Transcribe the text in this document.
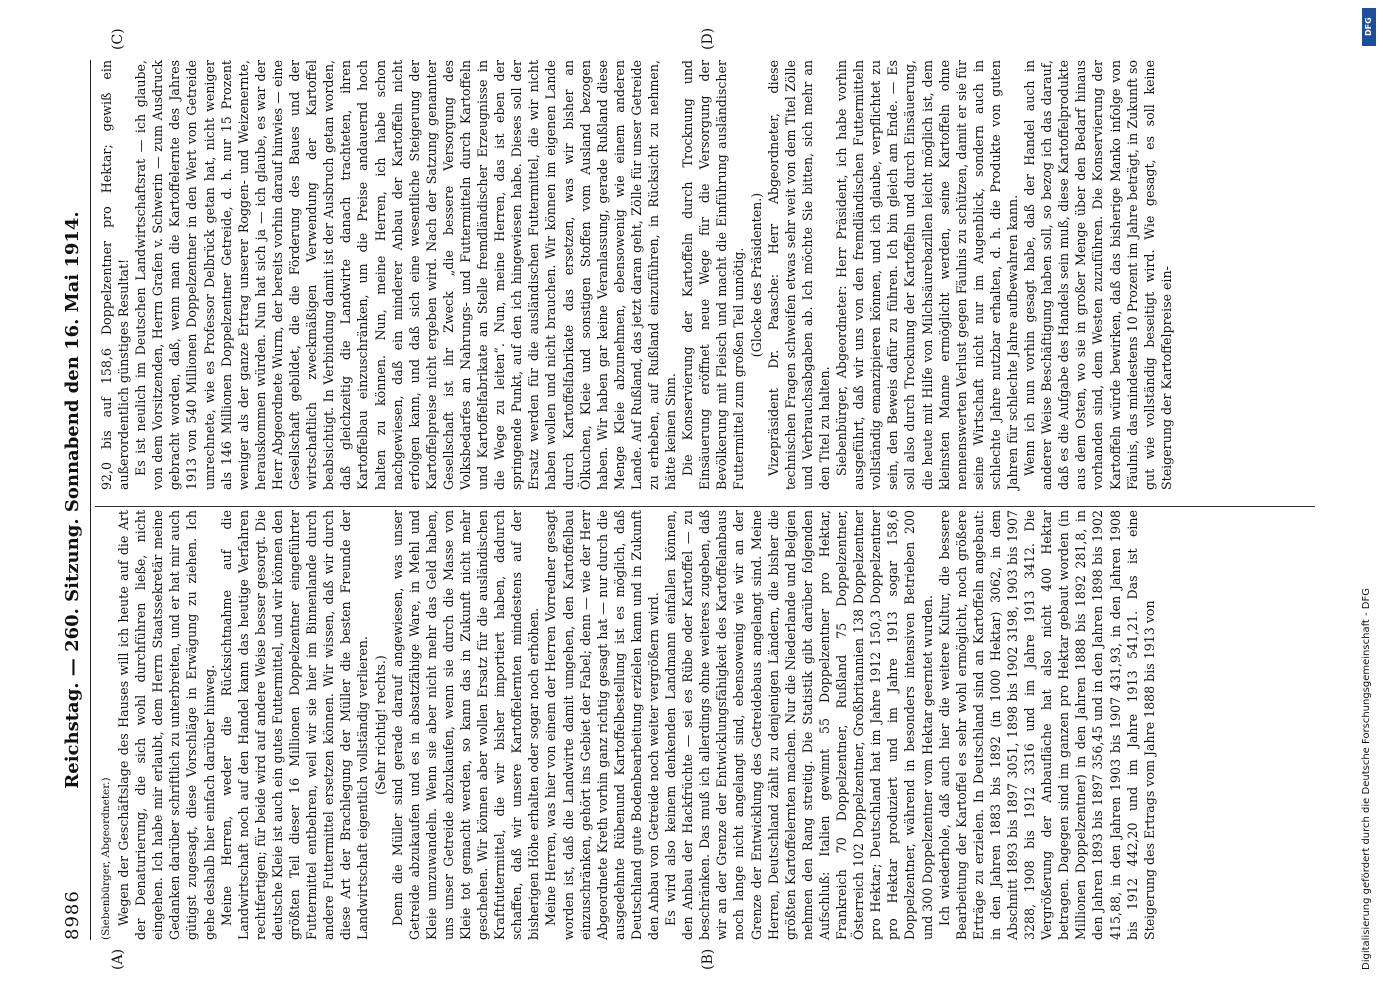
8986
Reichstag. — 260. Sitzung. Sonnabend den 16. Mai 1914.
(A)	(B)
(C)	(D)

(Siebenbürger, Abgeordneter.) Wegen der Geschäftslage des Hauses will ich heute auf die Art der Denaturierung, die sich wohl durchführen ließe, nicht eingehen. Ich habe mir erlaubt, dem Herrn Staatssekretär meine Gedanken darüber schriftlich zu unterbreiten, und er hat mir auch gütigst zugesagt, diese Vorschläge in Erwägung zu ziehen. Ich gehe deshalb hier einfach darüber hinweg. Meine Herren, weder die Rücksichtnahme auf die Landwirtschaft noch auf den Handel kann das heutige Verfahren rechtfertigen; für beide wird auf andere Weise besser gesorgt. Die deutsche Kleie ist auch ein gutes Futtermittel, und wir können den größten Teil dieser 16 Millionen Doppelzentner eingeführter Futtermittel entbehren, weil wir sie hier im Binnenlande durch andere Futtermittel ersetzen können. Wir wissen, daß wir durch diese Art der Brachlegung der Müller die besten Freunde der Landwirtschaft eigentlich vollständig verlieren. (Sehr richtig! rechts.) Denn die Müller sind gerade darauf angewiesen, was unser Getreide abzukaufen und es in absatzfähige Ware, in Mehl und Kleie umzuwandeln. Wenn sie aber nicht mehr das Geld haben, uns unser Getreide abzukaufen, wenn sie durch die Masse von Kleie tot gemacht werden, so kann das in Zukunft nicht mehr geschehen. Wir können aber wollen Ersatz für die ausländischen Kraftfuttermittel, die wir bisher importiert haben, dadurch schaffen, daß wir unsere Kartoffelernten mindestens auf der bisherigen Höhe erhalten oder sogar noch erhöhen. Meine Herren, was hier von einem der Herren Vorredner gesagt worden ist, daß die Landwirte damit umgehen, den Kartoffelbau einzuschränken, gehört ins Gebiet der Fabel; denn — wie der Herr Abgeordnete Kreth vorhin ganz richtig gesagt hat — nur durch die ausgedehnte Rübenund Kartoffelbestellung ist es möglich, daß Deutschland gute Bodenbearbeitung erzielen kann und in Zukunft den Anbau von Getreide noch weiter vergrößern wird. Es wird also keinem denkenden Landmann einfallen können, den Anbau der Hackfrüchte — sei es Rübe oder Kartoffel — zu beschränken. Das muß ich allerdings ohne weiteres zugeben, daß wir an der Grenze der Entwicklungsfähigkeit des Kartoffelanbaus noch lange nicht angelangt sind, ebensowenig wie wir an der Grenze der Entwicklung des Getreidebaus angelangt sind. Meine Herren, Deutschland zählt zu denjenigen Ländern, die bisher die größten Kartoffelernten machen. Nur die Niederlande und Belgien nehmen den Rang streitig. Die Statistik gibt darüber folgenden Aufschluß: Italien gewinnt 55 Doppelzentner pro Hektar, Frankreich 70 Doppelzentner, Rußland 75 Doppelzentner, Österreich 102 Doppelzentner, Großbritannien 138 Doppelzentner pro Hektar; Deutschland hat im Jahre 1912 150,3 Doppelzentner pro Hektar produziert und im Jahre 1913 sogar 158,6 Doppelzentner, während in besonders intensiven Betrieben 200 und 300 Doppelzentner vom Hektar geerntet wurden. Ich wiederhole, daß auch hier die weitere Kultur, die bessere Bearbeitung der Kartoffel es sehr wohl ermöglicht, noch größere Erträge zu erzielen. In Deutschland sind an Kartoffeln angebaut: in den Jahren 1883 bis 1892 (in 1000 Hektar) 3062, in dem Abschnitt 1893 bis 1897 3051, 1898 bis 1902 3198, 1903 bis 1907 3288, 1908 bis 1912 3316 und im Jahre 1913 3412. Die Vergrößerung der Anbaufläche hat also nicht 400 Hektar betragen. Dagegen sind im ganzen pro Hektar gebaut worden (in Millionen Doppelzentner) in den Jahren 1888 bis 1892 281,8, in den Jahren 1893 bis 1897 356,45 und in den Jahren 1898 bis 1902 415,88, in den Jahren 1903 bis 1907 431,93, in den Jahren 1908 bis 1912 442,20 und im Jahre 1913 541,21. Das ist eine Steigerung des Ertrags vom Jahre 1888 bis 1913 von

92,0 bis auf 158,6 Doppelzentner pro Hektar; gewiß ein außerordentlich günstiges Resultat! Es ist neulich im Deutschen Landwirtschaftsrat — ich glaube, von dem Vorsitzenden, Herrn Grafen v. Schwerin — zum Ausdruck gebracht worden, daß, wenn man die Kartoffelernte des Jahres 1913 von 540 Millionen Doppelzentner in den Wert von Getreide umrechnete, wie es Professor Delbrück getan hat, nicht weniger als 146 Millionen Doppelzentner Getreide, d. h. nur 15 Prozent weniger als der ganze Ertrag unserer Roggen- und Weizenernte, herauskommen würden. Nun hat sich ja — ich glaube, es war der Herr Abgeordnete Wurm, der bereits vorhin darauf hinwies — eine Gesellschaft gebildet, die die Förderung des Baues und der wirtschaftlich zweckmäßigen Verwendung der Kartoffel beabsichtigt. In Verbindung damit ist der Ausbruch getan worden, daß gleichzeitig die Landwirte danach trachteten, ihren Kartoffelbau einzuschränken, um die Preise andauernd hoch halten zu können. Nun, meine Herren, ich habe schon nachgewiesen, daß ein minderer Anbau der Kartoffeln nicht erfolgen kann, und daß sich eine wesentliche Steigerung der Kartoffelpreise nicht ergeben wird. Nach der Satzung genannter Gesellschaft ist ihr Zweck „die bessere Versorgung des Volksbedarfes an Nahrungs- und Futtermitteln durch Kartoffeln und Kartoffelfabrikate an Stelle fremdländischer Erzeugnisse in die Wege zu leiten“. Nun, meine Herren, das ist eben der springende Punkt, auf den ich hingewiesen habe. Dieses soll der Ersatz werden für die ausländischen Futtermittel, die wir nicht haben wollen und nicht brauchen. Wir können im eigenen Lande durch Kartoffelfabrikate das ersetzen, was wir bisher an Ölkuchen, Kleie und sonstigen Stoffen vom Ausland bezogen haben. Wir haben gar keine Veranlassung, gerade Rußland diese Menge Kleie abzunehmen, ebensowenig wie einem anderen Lande. Auf Rußland, das jetzt daran geht, Zölle für unser Getreide zu erheben, auf Rußland einzuführen, in Rücksicht zu nehmen, hätte keinen Sinn. Die Konservierung der Kartoffeln durch Trocknung und Einsäuerung eröffnet neue Wege für die Versorgung der Bevölkerung mit Fleisch und macht die Einführung ausländischer Futtermittel zum großen Teil unnötig. (Glocke des Präsidenten.) Vizepräsident Dr. Paasche: Herr Abgeordneter, diese technischen Fragen schweifen etwas sehr weit von dem Titel Zölle und Verbrauchsabgaben ab. Ich möchte Sie bitten, sich mehr an den Titel zu halten. Siebenbürger, Abgeordneter: Herr Präsident, ich habe vorhin ausgeführt, daß wir uns von den fremdländischen Futtermitteln vollständig emanzipieren können, und ich glaube, verpflichtet zu sein, den Beweis dafür zu führen. Ich bin gleich am Ende. — Es soll also durch Trocknung der Kartoffeln und durch Einsäuerung, die heute mit Hilfe von Milchsäurebazillen leicht möglich ist, dem kleinsten Manne ermöglicht werden, seine Kartoffeln ohne nennenswerten Verlust gegen Fäulnis zu schützen, damit er sie für seine Wirtschaft nicht nur im Augenblick, sondern auch in schlechte Jahre nutzbar erhalten, d. h. die Produkte von guten Jahren für schlechte Jahre aufbewahren kann. Wenn ich nun vorhin gesagt habe, daß der Handel auch in anderer Weise Beschäftigung haben soll, so bezog ich das darauf, daß es die Aufgabe des Handels sein muß, diese Kartoffelprodukte aus dem Osten, wo sie in großer Menge über den Bedarf hinaus vorhanden sind, dem Westen zuzuführen. Die Konservierung der Kartoffeln würde bewirken, daß das bisherige Manko infolge von Fäulnis, das mindestens 10 Prozent im Jahre beträgt, in Zukunft so gut wie vollständig beseitigt wird. Wie gesagt, es soll keine Steigerung der Kartoffelpreise ein-

DFG
Digitalisierung gefördert durch die Deutsche Forschungsgemeinschaft - DFG
